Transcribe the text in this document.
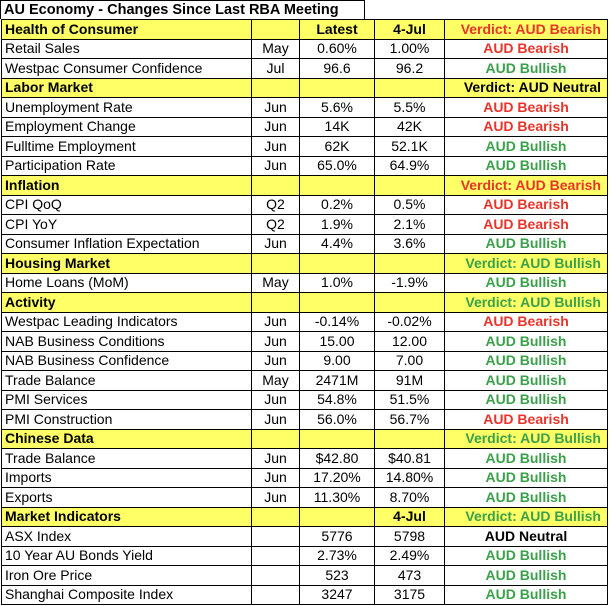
AU Economy - Changes Since Last RBA Meeting
Health of Consumer		Latest	4-Jul	Verdict: AUD Bearish
Retail Sales	May	0.60%	1.00%	AUD Bearish
Westpac Consumer Confidence	Jul	96.6	96.2	AUD Bullish
Labor Market				Verdict: AUD Neutral
Unemployment Rate	Jun	5.6%	5.5%	AUD Bearish
Employment Change	Jun	14K	42K	AUD Bearish
Fulltime Employment	Jun	62K	52.1K	AUD Bullish
Participation Rate	Jun	65.0%	64.9%	AUD Bullish
Inflation				Verdict: AUD Bearish
CPI QoQ	Q2	0.2%	0.5%	AUD Bearish
CPI YoY	Q2	1.9%	2.1%	AUD Bearish
Consumer Inflation Expectation	Jun	4.4%	3.6%	AUD Bullish
Housing Market				Verdict: AUD Bullish
Home Loans (MoM)	May	1.0%	-1.9%	AUD Bullish
Activity				Verdict: AUD Bullish
Westpac Leading Indicators	Jun	-0.14%	-0.02%	AUD Bearish
NAB Business Conditions	Jun	15.00	12.00	AUD Bullish
NAB Business Confidence	Jun	9.00	7.00	AUD Bullish
Trade Balance	May	2471M	91M	AUD Bullish
PMI Services	Jun	54.8%	51.5%	AUD Bullish
PMI Construction	Jun	56.0%	56.7%	AUD Bearish
Chinese Data				Verdict: AUD Bullish
Trade Balance	Jun	$42.80	$40.81	AUD Bullish
Imports	Jun	17.20%	14.80%	AUD Bullish
Exports	Jun	11.30%	8.70%	AUD Bullish
Market Indicators			4-Jul	Verdict: AUD Bullish
ASX Index		5776	5798	AUD Neutral
10 Year AU Bonds Yield		2.73%	2.49%	AUD Bullish
Iron Ore Price		523	473	AUD Bullish
Shanghai Composite Index		3247	3175	AUD Bullish
